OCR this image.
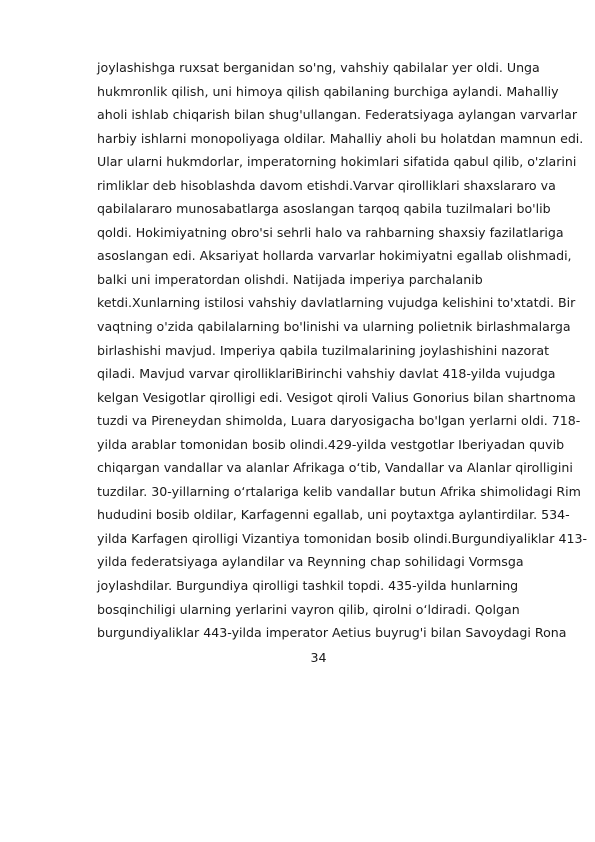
joylashishga ruxsat berganidan so'ng, vahshiy qabilalar yer oldi. Unga
hukmronlik qilish, uni himoya qilish qabilaning burchiga aylandi. Mahalliy
aholi ishlab chiqarish bilan shug'ullangan. Federatsiyaga aylangan varvarlar
harbiy ishlarni monopoliyaga oldilar. Mahalliy aholi bu holatdan mamnun edi.
Ular ularni hukmdorlar, imperatorning hokimlari sifatida qabul qilib, o'zlarini
rimliklar deb hisoblashda davom etishdi.Varvar qirolliklari shaxslararo va
qabilalararo munosabatlarga asoslangan tarqoq qabila tuzilmalari bo'lib
qoldi. Hokimiyatning obro'si sehrli halo va rahbarning shaxsiy fazilatlariga
asoslangan edi. Aksariyat hollarda varvarlar hokimiyatni egallab olishmadi,
balki uni imperatordan olishdi. Natijada imperiya parchalanib
ketdi.Xunlarning istilosi vahshiy davlatlarning vujudga kelishini to'xtatdi. Bir
vaqtning o'zida qabilalarning bo'linishi va ularning polietnik birlashmalarga
birlashishi mavjud. Imperiya qabila tuzilmalarining joylashishini nazorat
qiladi. Mavjud varvar qirolliklariBirinchi vahshiy davlat 418-yilda vujudga
kelgan Vesigotlar qirolligi edi. Vesigot qiroli Valius Gonorius bilan shartnoma
tuzdi va Pireneydan shimolda, Luara daryosigacha bo'lgan yerlarni oldi. 718-
yilda arablar tomonidan bosib olindi.429-yilda vestgotlar Iberiyadan quvib
chiqargan vandallar va alanlar Afrikaga o‘tib, Vandallar va Alanlar qirolligini
tuzdilar. 30-yillarning o‘rtalariga kelib vandallar butun Afrika shimolidagi Rim
hududini bosib oldilar, Karfagenni egallab, uni poytaxtga aylantirdilar. 534-
yilda Karfagen qirolligi Vizantiya tomonidan bosib olindi.Burgundiyaliklar 413-
yilda federatsiyaga aylandilar va Reynning chap sohilidagi Vormsga
joylashdilar. Burgundiya qirolligi tashkil topdi. 435-yilda hunlarning
bosqinchiligi ularning yerlarini vayron qilib, qirolni o‘ldiradi. Qolgan
burgundiyaliklar 443-yilda imperator Aetius buyrug'i bilan Savoydagi Rona
34
